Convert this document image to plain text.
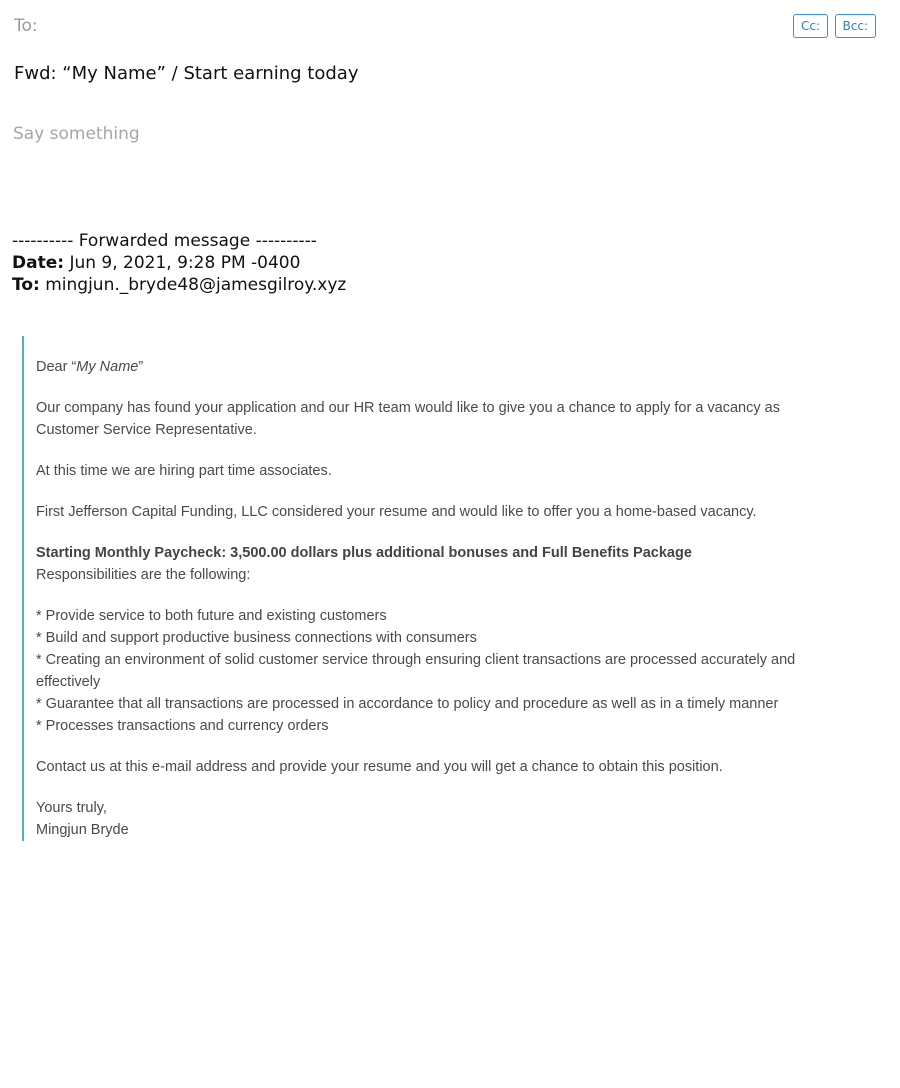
To:	Cc:	Bcc:
Fwd: “My Name” / Start earning today
Say something
---------- Forwarded message ----------
Date: Jun 9, 2021, 9:28 PM -0400
To: mingjun._bryde48@jamesgilroy.xyz

Dear “My Name”

Our company has found your application and our HR team would like to give you a chance to apply for a vacancy as Customer Service Representative.

At this time we are hiring part time associates.

First Jefferson Capital Funding, LLC considered your resume and would like to offer you a home-based vacancy.

Starting Monthly Paycheck: 3,500.00 dollars plus additional bonuses and Full Benefits Package
Responsibilities are the following:

* Provide service to both future and existing customers
* Build and support productive business connections with consumers
* Creating an environment of solid customer service through ensuring client transactions are processed accurately and effectively
* Guarantee that all transactions are processed in accordance to policy and procedure as well as in a timely manner
* Processes transactions and currency orders

Contact us at this e-mail address and provide your resume and you will get a chance to obtain this position.

Yours truly,
Mingjun Bryde
